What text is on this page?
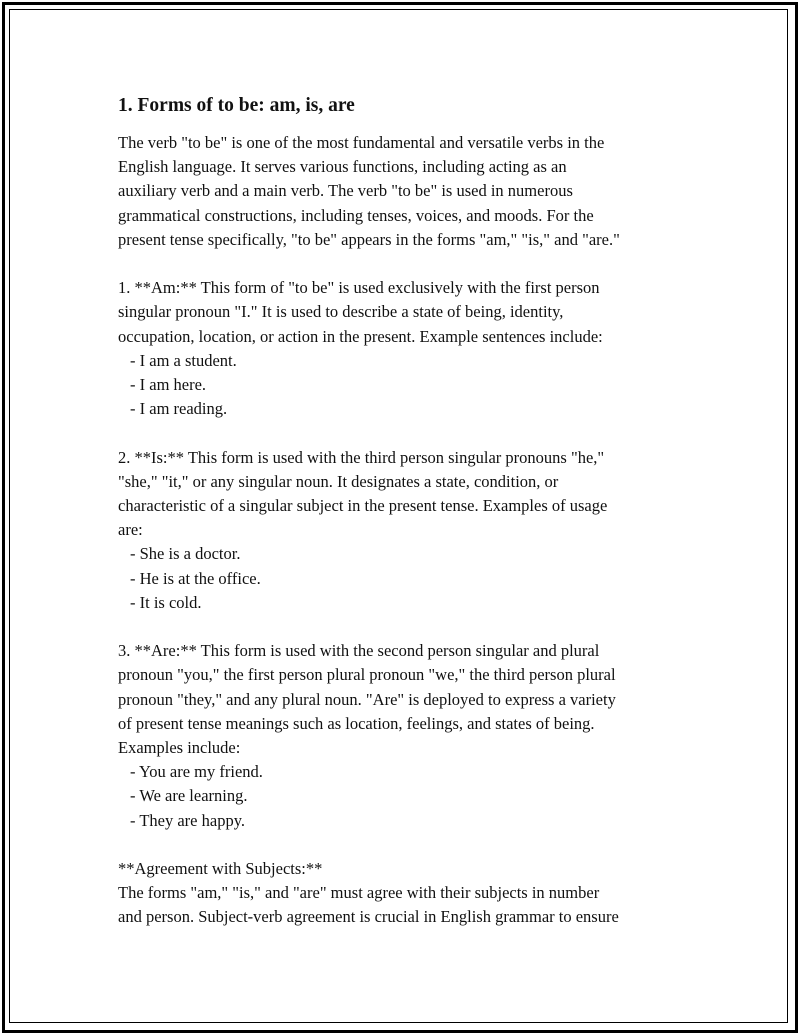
1. Forms of to be: am, is, are

The verb "to be" is one of the most fundamental and versatile verbs in the
English language. It serves various functions, including acting as an
auxiliary verb and a main verb. The verb "to be" is used in numerous
grammatical constructions, including tenses, voices, and moods. For the
present tense specifically, "to be" appears in the forms "am," "is," and "are."

1. **Am:** This form of "to be" is used exclusively with the first person
singular pronoun "I." It is used to describe a state of being, identity,
occupation, location, or action in the present. Example sentences include:

- I am a student.

- I am here.

- I am reading.

2. **Is:** This form is used with the third person singular pronouns "he,"
"she," "it," or any singular noun. It designates a state, condition, or
characteristic of a singular subject in the present tense. Examples of usage
are:

- She is a doctor.

- He is at the office.

- It is cold.

3. **Are:** This form is used with the second person singular and plural
pronoun "you," the first person plural pronoun "we," the third person plural
pronoun "they," and any plural noun. "Are" is deployed to express a variety
of present tense meanings such as location, feelings, and states of being.
Examples include:

- You are my friend.

- We are learning.

- They are happy.

**Agreement with Subjects:**

The forms "am," "is," and "are" must agree with their subjects in number
and person. Subject-verb agreement is crucial in English grammar to ensure
